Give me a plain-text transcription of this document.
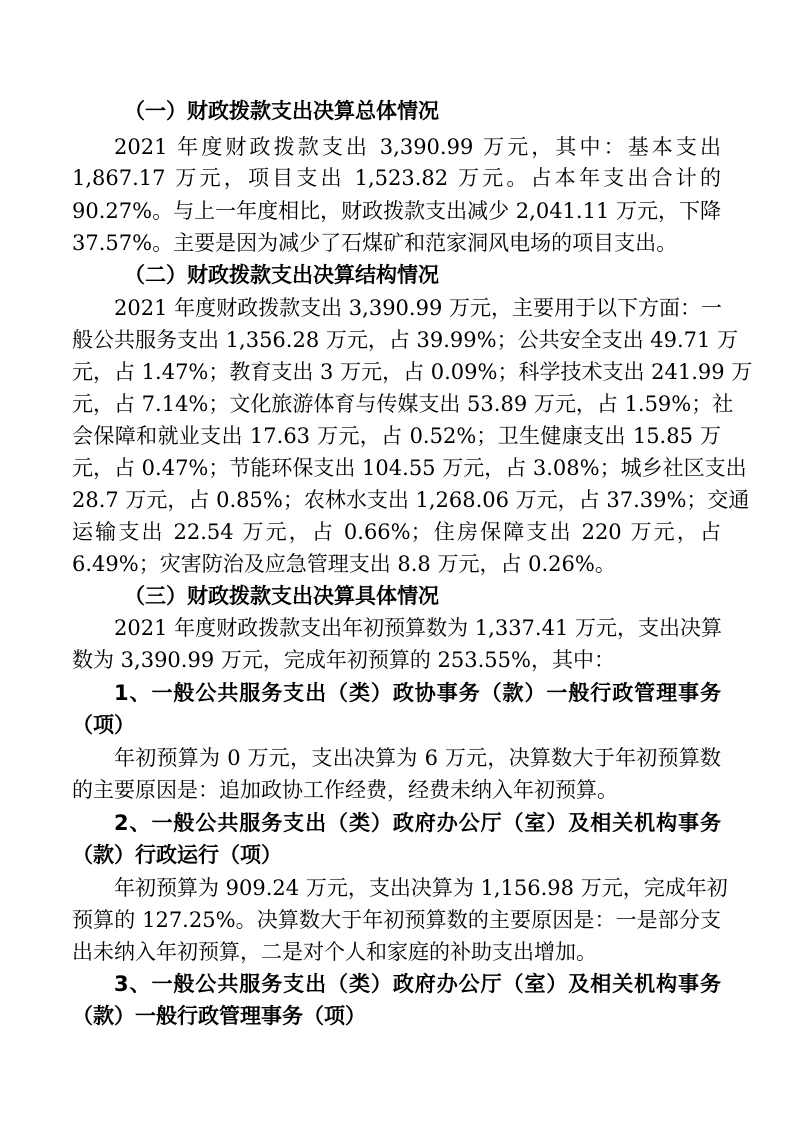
（一）财政拨款支出决算总体情况
2021 年度财政拨款支出 3,390.99 万元，其中：基本支出
1,867.17 万元，项目支出 1,523.82 万元。占本年支出合计的
90.27%。与上一年度相比，财政拨款支出减少 2,041.11 万元，下降
37.57%。主要是因为减少了石煤矿和范家洞风电场的项目支出。
（二）财政拨款支出决算结构情况
2021 年度财政拨款支出 3,390.99 万元，主要用于以下方面：一
般公共服务支出 1,356.28 万元，占 39.99%；公共安全支出 49.71 万
元，占 1.47%；教育支出 3 万元，占 0.09%；科学技术支出 241.99 万
元，占 7.14%；文化旅游体育与传媒支出 53.89 万元，占 1.59%；社
会保障和就业支出 17.63 万元，占 0.52%；卫生健康支出 15.85 万
元，占 0.47%；节能环保支出 104.55 万元，占 3.08%；城乡社区支出
28.7 万元，占 0.85%；农林水支出 1,268.06 万元，占 37.39%；交通
运输支出 22.54 万元，占 0.66%；住房保障支出 220 万元，占
6.49%；灾害防治及应急管理支出 8.8 万元，占 0.26%。
（三）财政拨款支出决算具体情况
2021 年度财政拨款支出年初预算数为 1,337.41 万元，支出决算
数为 3,390.99 万元，完成年初预算的 253.55%，其中：
1、一般公共服务支出（类）政协事务（款）一般行政管理事务
（项）
年初预算为 0 万元，支出决算为 6 万元，决算数大于年初预算数
的主要原因是：追加政协工作经费，经费未纳入年初预算。
2、一般公共服务支出（类）政府办公厅（室）及相关机构事务
（款）行政运行（项）
年初预算为 909.24 万元，支出决算为 1,156.98 万元，完成年初
预算的 127.25%。决算数大于年初预算数的主要原因是：一是部分支
出未纳入年初预算，二是对个人和家庭的补助支出增加。
3、一般公共服务支出（类）政府办公厅（室）及相关机构事务
（款）一般行政管理事务（项）
